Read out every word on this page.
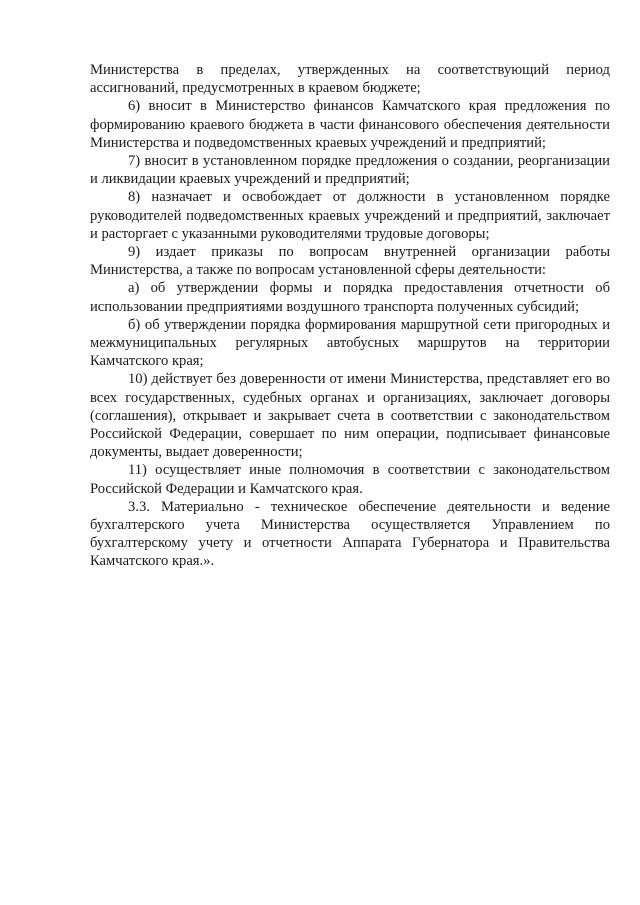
Министерства в пределах, утвержденных на соответствующий период ассигнований, предусмотренных в краевом бюджете;

6) вносит в Министерство финансов Камчатского края предложения по формированию краевого бюджета в части финансового обеспечения деятельности Министерства и подведомственных краевых учреждений и предприятий;

7) вносит в установленном порядке предложения о создании, реорганизации и ликвидации краевых учреждений и предприятий;

8) назначает и освобождает от должности в установленном порядке руководителей подведомственных краевых учреждений и предприятий, заключает и расторгает с указанными руководителями трудовые договоры;

9) издает приказы по вопросам внутренней организации работы Министерства, а также по вопросам установленной сферы деятельности:

а) об утверждении формы и порядка предоставления отчетности об использовании предприятиями воздушного транспорта полученных субсидий;

б) об утверждении порядка формирования маршрутной сети пригородных и межмуниципальных регулярных автобусных маршрутов на территории Камчатского края;

10) действует без доверенности от имени Министерства, представляет его во всех государственных, судебных органах и организациях, заключает договоры (соглашения), открывает и закрывает счета в соответствии с законодательством Российской Федерации, совершает по ним операции, подписывает финансовые документы, выдает доверенности;

11) осуществляет иные полномочия в соответствии с законодательством Российской Федерации и Камчатского края.

3.3. Материально - техническое обеспечение деятельности и ведение бухгалтерского учета Министерства осуществляется Управлением по бухгалтерскому учету и отчетности Аппарата Губернатора и Правительства Камчатского края.».
